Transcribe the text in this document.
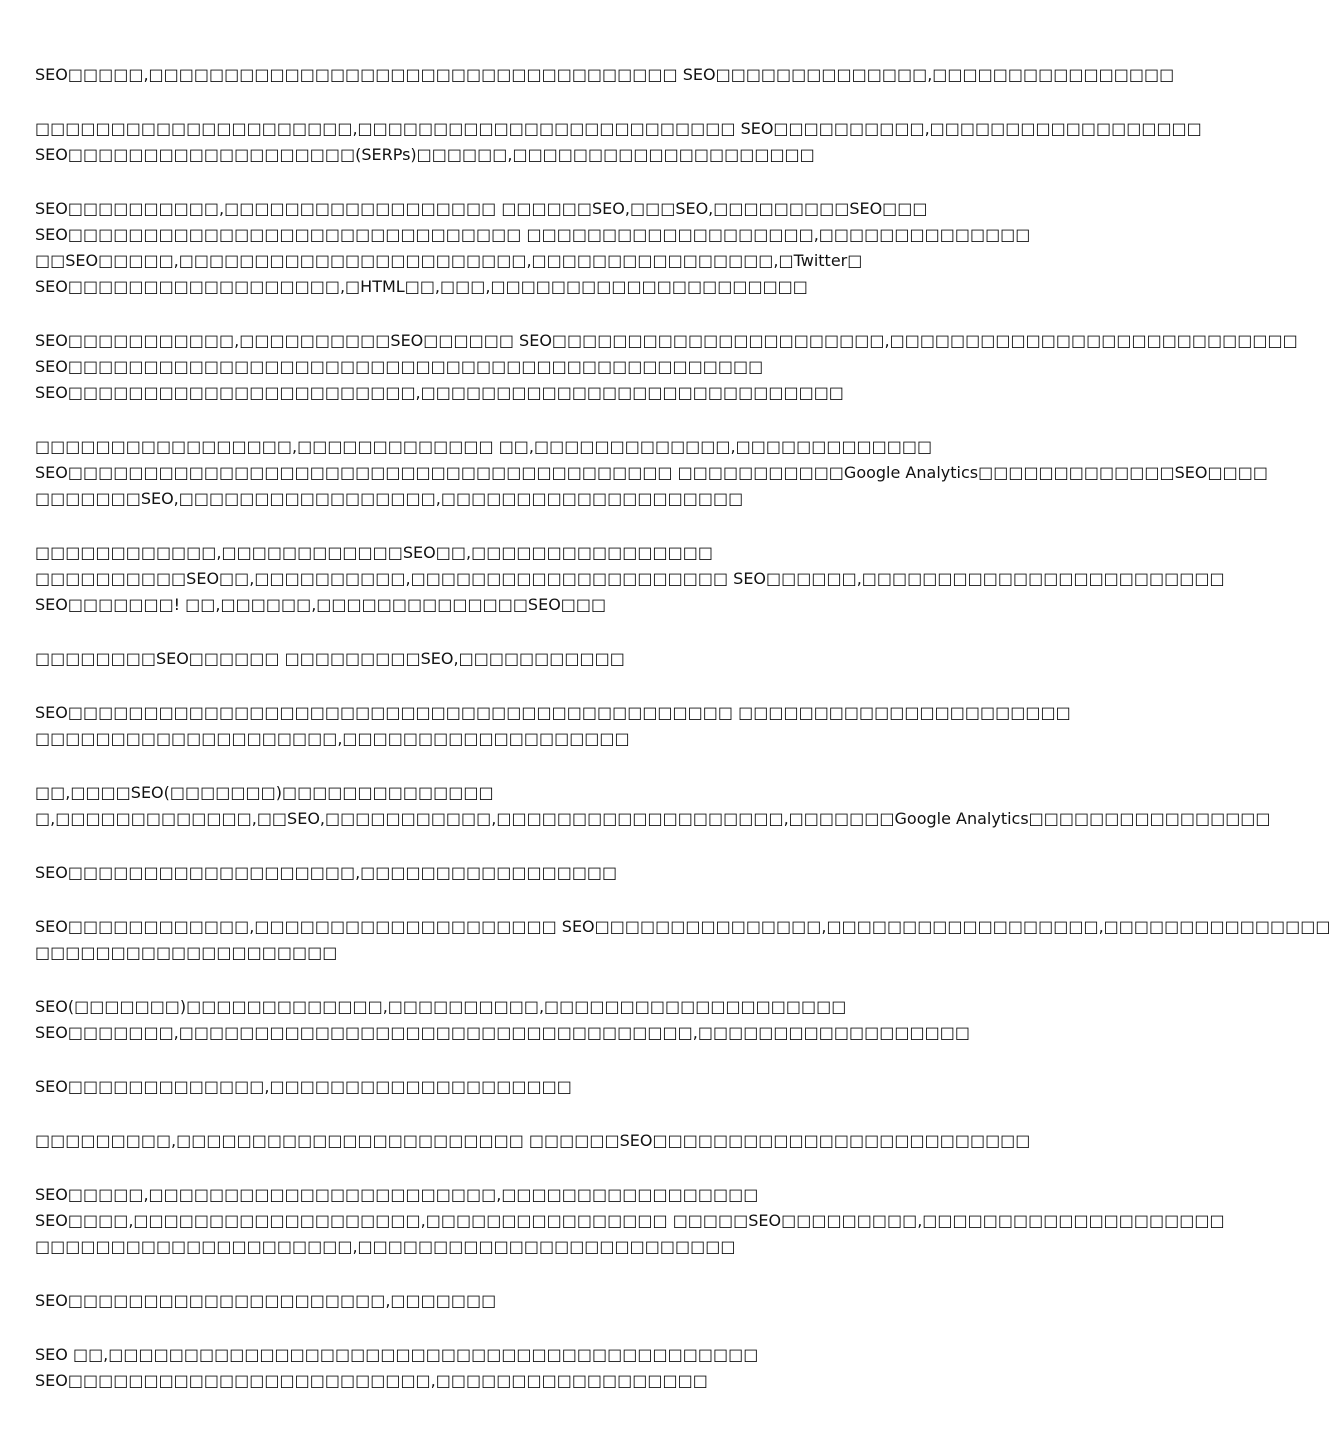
SEO□□□□□,□□□□□□□□□□□□□□□□□□□□□□□□□□□□□□□□□□□ SEO□□□□□□□□□□□□□□,□□□□□□□□□□□□□□□□
□□□□□□□□□□□□□□□□□□□□□,□□□□□□□□□□□□□□□□□□□□□□□□□ SEO□□□□□□□□□□,□□□□□□□□□□□□□□□□□□
SEO□□□□□□□□□□□□□□□□□□□(SERPs)□□□□□□,□□□□□□□□□□□□□□□□□□□□
SEO□□□□□□□□□□,□□□□□□□□□□□□□□□□□□ □□□□□□SEO,□□□SEO,□□□□□□□□□SEO□□□
SEO□□□□□□□□□□□□□□□□□□□□□□□□□□□□□□ □□□□□□□□□□□□□□□□□□□,□□□□□□□□□□□□□□
□□SEO□□□□□,□□□□□□□□□□□□□□□□□□□□□□□,□□□□□□□□□□□□□□□□,□Twitter□
SEO□□□□□□□□□□□□□□□□□□,□HTML□□,□□□,□□□□□□□□□□□□□□□□□□□□□
SEO□□□□□□□□□□□,□□□□□□□□□□SEO□□□□□□ SEO□□□□□□□□□□□□□□□□□□□□□□,□□□□□□□□□□□□□□□□□□□□□□□□□□□
SEO□□□□□□□□□□□□□□□□□□□□□□□□□□□□□□□□□□□□□□□□□□□□□□
SEO□□□□□□□□□□□□□□□□□□□□□□□,□□□□□□□□□□□□□□□□□□□□□□□□□□□□
□□□□□□□□□□□□□□□□□,□□□□□□□□□□□□□ □□,□□□□□□□□□□□□□,□□□□□□□□□□□□□
SEO□□□□□□□□□□□□□□□□□□□□□□□□□□□□□□□□□□□□□□□□ □□□□□□□□□□□Google Analytics□□□□□□□□□□□□□SEO□□□□
□□□□□□□SEO,□□□□□□□□□□□□□□□□□,□□□□□□□□□□□□□□□□□□□□
□□□□□□□□□□□□,□□□□□□□□□□□□SEO□□,□□□□□□□□□□□□□□□□
□□□□□□□□□□SEO□□,□□□□□□□□□□,□□□□□□□□□□□□□□□□□□□□□ SEO□□□□□□,□□□□□□□□□□□□□□□□□□□□□□□□
SEO□□□□□□□! □□,□□□□□□,□□□□□□□□□□□□□□SEO□□□
□□□□□□□□SEO□□□□□□ □□□□□□□□□SEO,□□□□□□□□□□□
SEO□□□□□□□□□□□□□□□□□□□□□□□□□□□□□□□□□□□□□□□□□□□□ □□□□□□□□□□□□□□□□□□□□□□
□□□□□□□□□□□□□□□□□□□□,□□□□□□□□□□□□□□□□□□□
□□,□□□□SEO(□□□□□□□)□□□□□□□□□□□□□□
□,□□□□□□□□□□□□□,□□SEO,□□□□□□□□□□□,□□□□□□□□□□□□□□□□□□□,□□□□□□□Google Analytics□□□□□□□□□□□□□□□□
SEO□□□□□□□□□□□□□□□□□□□,□□□□□□□□□□□□□□□□□
SEO□□□□□□□□□□□□,□□□□□□□□□□□□□□□□□□□□ SEO□□□□□□□□□□□□□□□,□□□□□□□□□□□□□□□□□□,□□□□□□□□□□□□□□□
□□□□□□□□□□□□□□□□□□□□
SEO(□□□□□□□)□□□□□□□□□□□□□,□□□□□□□□□□,□□□□□□□□□□□□□□□□□□□□
SEO□□□□□□□,□□□□□□□□□□□□□□□□□□□□□□□□□□□□□□□□□□,□□□□□□□□□□□□□□□□□□
SEO□□□□□□□□□□□□□,□□□□□□□□□□□□□□□□□□□□
□□□□□□□□□,□□□□□□□□□□□□□□□□□□□□□□□ □□□□□□SEO□□□□□□□□□□□□□□□□□□□□□□□□□
SEO□□□□□,□□□□□□□□□□□□□□□□□□□□□□□,□□□□□□□□□□□□□□□□□
SEO□□□□,□□□□□□□□□□□□□□□□□□□,□□□□□□□□□□□□□□□□ □□□□□SEO□□□□□□□□□,□□□□□□□□□□□□□□□□□□□□
□□□□□□□□□□□□□□□□□□□□□,□□□□□□□□□□□□□□□□□□□□□□□□□
SEO□□□□□□□□□□□□□□□□□□□□□,□□□□□□□
SEO □□,□□□□□□□□□□□□□□□□□□□□□□□□□□□□□□□□□□□□□□□□□□□
SEO□□□□□□□□□□□□□□□□□□□□□□□□,□□□□□□□□□□□□□□□□□□
